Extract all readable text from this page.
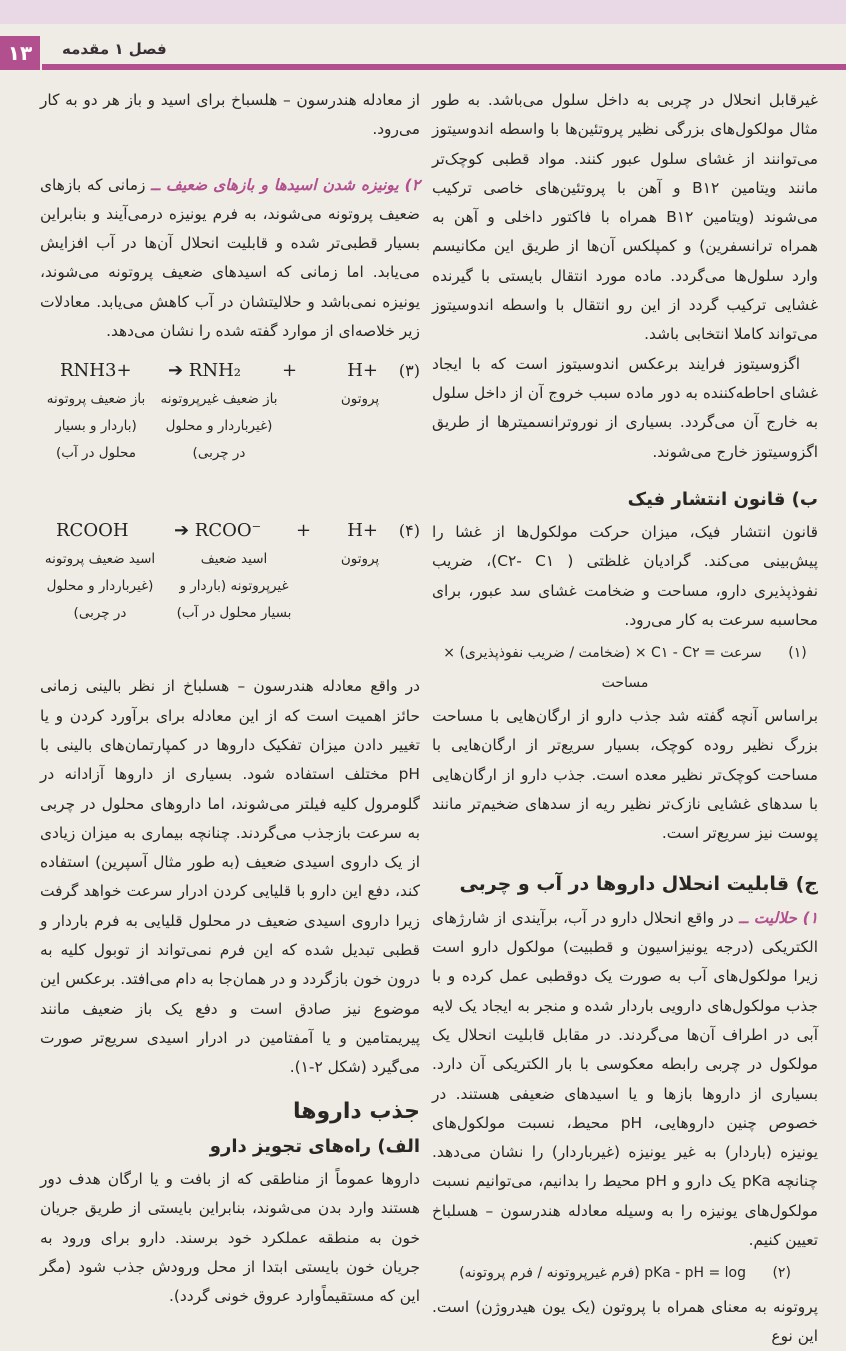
۱۳	فصل ۱ مقدمه

غیرقابل انحلال در چربی به داخل سلول می‌باشد. به طور مثال مولکول‌های بزرگی نظیر پروتئین‌ها با واسطه اندوسیتوز می‌توانند از غشای سلول عبور کنند. مواد قطبی کوچک‌تر مانند ویتامین B۱۲ و آهن با پروتئین‌های خاصی ترکیب می‌شوند (ویتامین B۱۲ همراه با فاکتور داخلی و آهن به همراه ترانسفرین) و کمپلکس آن‌ها از طریق این مکانیسم وارد سلول‌ها می‌گردد. ماده مورد انتقال بایستی با گیرنده غشایی ترکیب گردد از این رو انتقال با واسطه اندوسیتوز می‌تواند کاملا انتخابی باشد.

اگزوسیتوز فرایند برعکس اندوسیتوز است که با ایجاد غشای احاطه‌کننده به دور ماده سبب خروج آن از داخل سلول به خارج آن می‌گردد. بسیاری از نوروترانسمیترها از طریق اگزوسیتوز خارج می‌شوند.

ب) قانون انتشار فیک

قانون انتشار فیک، میزان حرکت مولکول‌ها از غشا را پیش‌بینی می‌کند. گرادیان غلظتی ( C۲- C۱)، ضریب نفوذپذیری دارو، مساحت و ضخامت غشای سد عبور، برای محاسبه سرعت به کار می‌رود.

(۱) سرعت = C۱ - C۲ × (ضخامت / ضریب نفوذپذیری) × مساحت

براساس آنچه گفته شد جذب دارو از ارگان‌هایی با مساحت بزرگ نظیر روده کوچک، بسیار سریع‌تر از ارگان‌هایی با مساحت کوچک‌تر نظیر معده است. جذب دارو از ارگان‌هایی با سدهای غشایی نازک‌تر نظیر ریه از سدهای ضخیم‌تر مانند پوست نیز سریع‌تر است.

ج) قابلیت انحلال داروها در آب و چربی

۱) حلالیت ــ در واقع انحلال دارو در آب، برآیندی از شارژهای الکتریکی (درجه یونیزاسیون و قطبیت) مولکول دارو است زیرا مولکول‌های آب به صورت یک دوقطبی عمل کرده و با جذب مولکول‌های دارویی باردار شده و منجر به ایجاد یک لایه آبی در اطراف آن‌ها می‌گردند. در مقابل قابلیت انحلال یک مولکول در چربی رابطه معکوسی با بار الکتریکی آن دارد. بسیاری از داروها بازها و یا اسیدهای ضعیفی هستند. در خصوص چنین داروهایی، pH محیط، نسبت مولکول‌های یونیزه (باردار) به غیر یونیزه (غیرباردار) را نشان می‌دهد. چنانچه pKa یک دارو و pH محیط را بدانیم، می‌توانیم نسبت مولکول‌های یونیزه را به وسیله معادله هندرسون – هسلباخ تعیین کنیم.

(۲) pKa - pH = log (فرم غیرپروتونه / فرم پروتونه)

پروتونه به معنای همراه با پروتون (یک یون هیدروژن) است. این نوع

از معادله هندرسون – هلسباخ برای اسید و باز هر دو به کار می‌رود.

۲) یونیزه شدن اسیدها و بازهای ضعیف ــ زمانی که بازهای ضعیف پروتونه می‌شوند، به فرم یونیزه درمی‌آیند و بنابراین بسیار قطبی‌تر شده و قابلیت انحلال آن‌ها در آب افزایش می‌یابد. اما زمانی که اسیدهای ضعیف پروتونه می‌شوند، یونیزه نمی‌باشد و حلالیتشان در آب کاهش می‌یابد. معادلات زیر خلاصه‌ای از موارد گفته شده را نشان می‌دهد.

(۳)
H+
+
➔ RNH₂
RNH3+
پروتون
باز ضعیف غیرپروتونه (غیرباردار و محلول در چربی)
باز ضعیف پروتونه (باردار و بسیار محلول در آب)
(۴)
H+
+
➔ RCOO⁻
RCOOH
پروتون
اسید ضعیف غیرپروتونه (باردار و بسیار محلول در آب)
اسید ضعیف پروتونه (غیرباردار و محلول در چربی)

در واقع معادله هندرسون – هسلباخ از نظر بالینی زمانی حائز اهمیت است که از این معادله برای برآورد کردن و یا تغییر دادن میزان تفکیک داروها در کمپارتمان‌های بالینی با pH مختلف استفاده شود. بسیاری از داروها آزادانه در گلومرول کلیه فیلتر می‌شوند، اما داروهای محلول در چربی به سرعت بازجذب می‌گردند. چنانچه بیماری به میزان زیادی از یک داروی اسیدی ضعیف (به طور مثال آسپرین) استفاده کند، دفع این دارو با قلیایی کردن ادرار سرعت خواهد گرفت زیرا داروی اسیدی ضعیف در محلول قلیایی به فرم باردار و قطبی تبدیل شده که این فرم نمی‌تواند از توبول کلیه به درون خون بازگردد و در همان‌جا به دام می‌افتد. برعکس این موضوع نیز صادق است و دفع یک باز ضعیف مانند پیریمتامین و یا آمفتامین در ادرار اسیدی سریع‌تر صورت می‌گیرد (شکل ۲-۱).

جذب داروها
الف) راه‌های تجویز دارو

داروها عموماً از مناطقی که از بافت و یا ارگان هدف دور هستند وارد بدن می‌شوند، بنابراین بایستی از طریق جریان خون به منطقه عملکرد خود برسند. دارو برای ورود به جریان خون بایستی ابتدا از محل ورودش جذب شود (مگر این که مستقیماًوارد عروق خونی گردد).
